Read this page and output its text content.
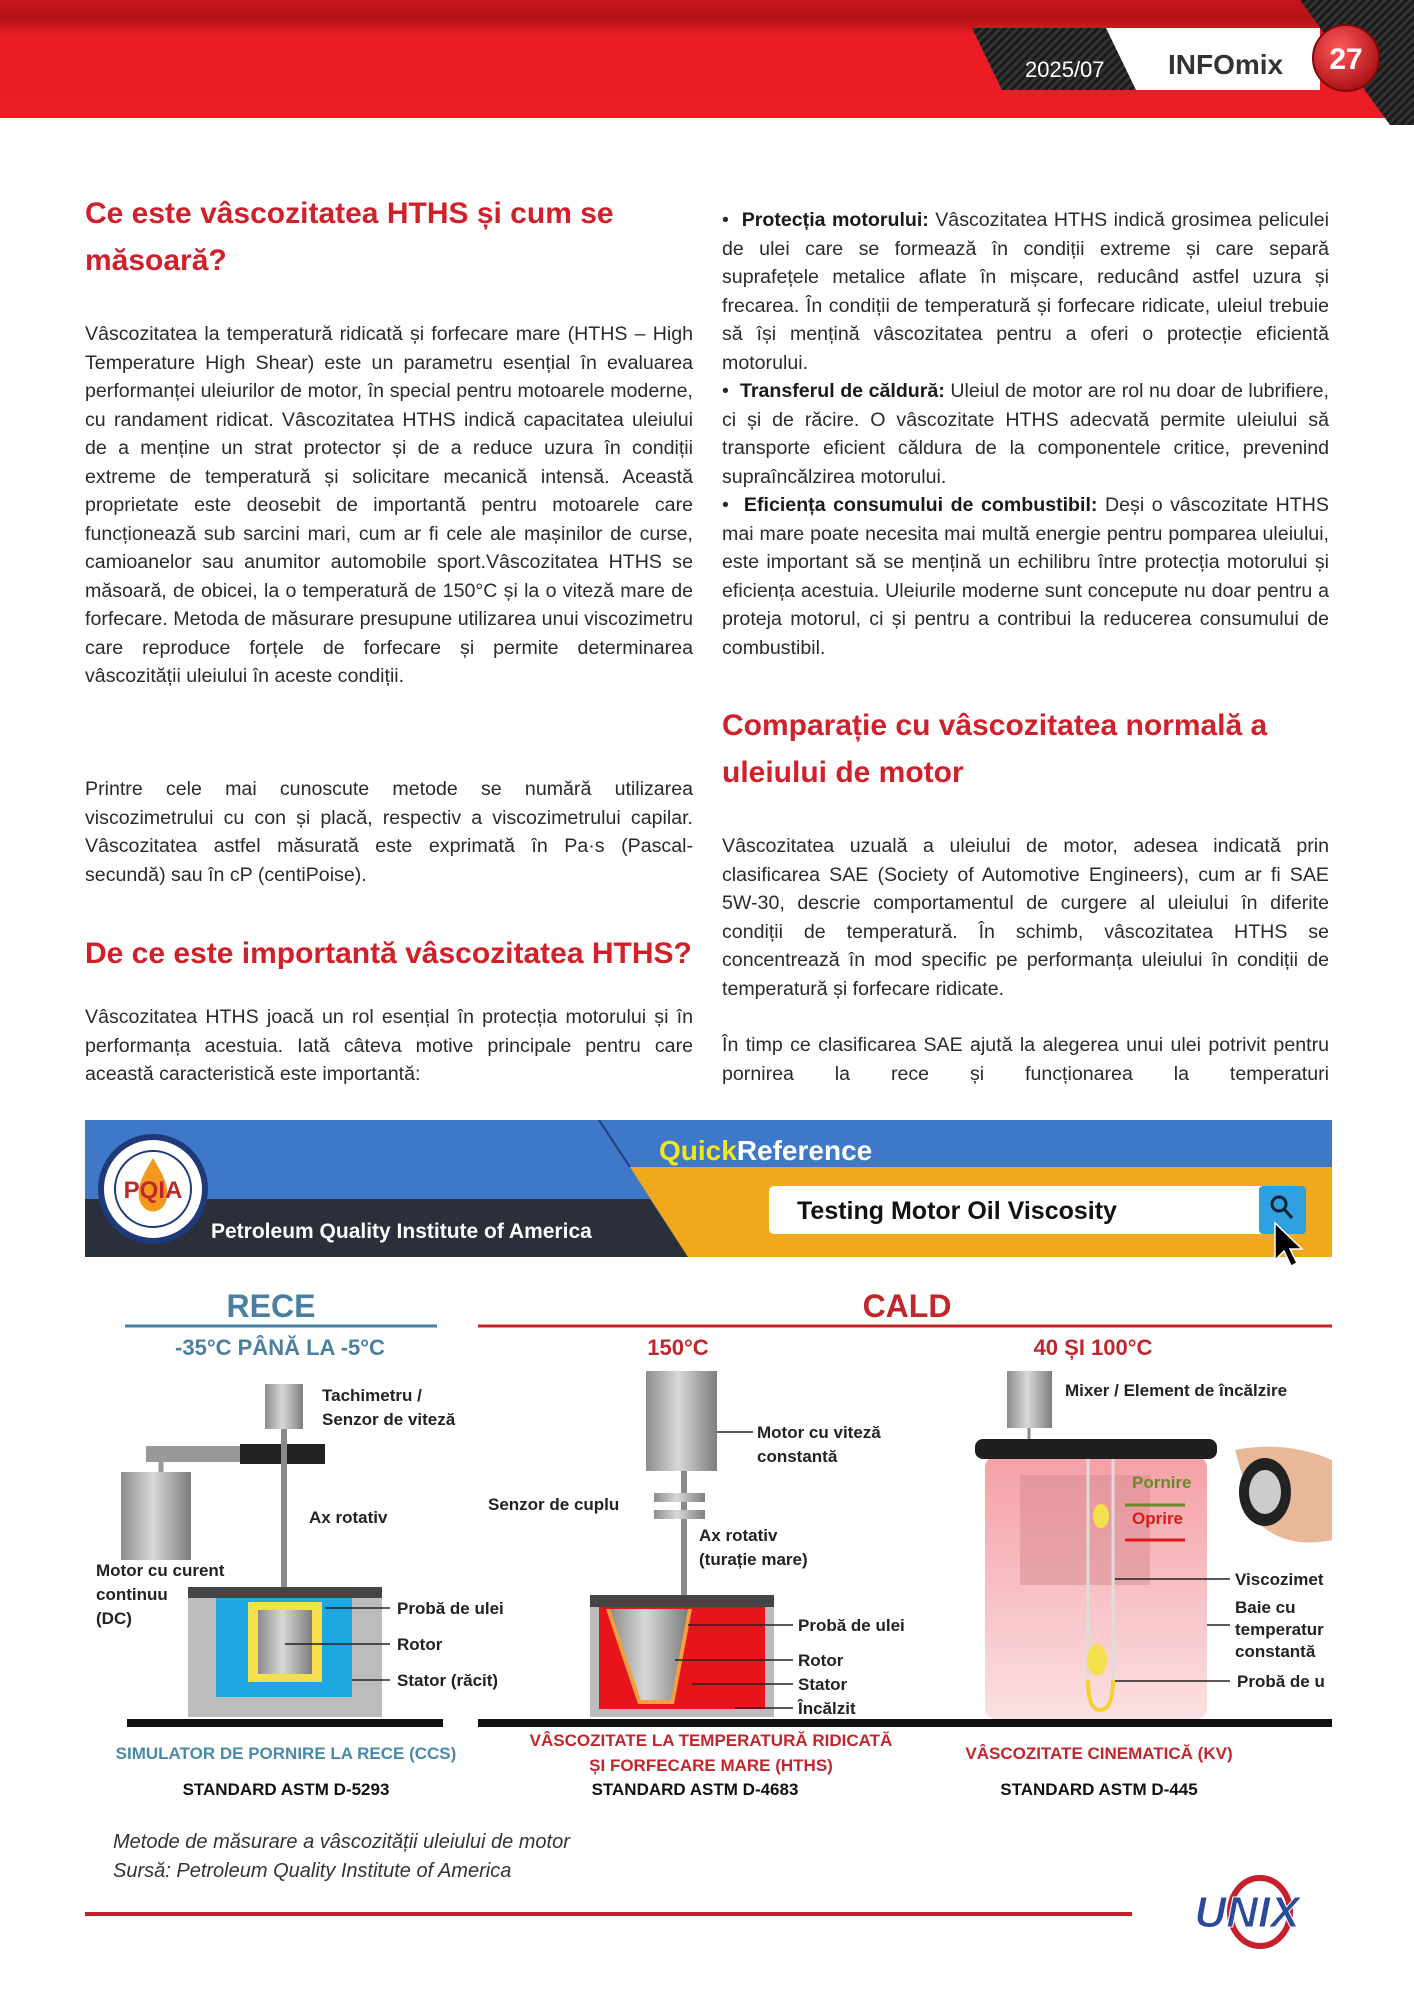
2025/07 INFOmix 27
Ce este vâscozitatea HTHS și cum se măsoară?

Vâscozitatea la temperatură ridicată și forfecare mare (HTHS – High Temperature High Shear) este un parametru esențial în evaluarea performanței uleiurilor de motor, în special pentru motoarele moderne, cu randament ridicat. Vâscozitatea HTHS indică capacitatea uleiului de a menține un strat protector și de a reduce uzura în condiții extreme de temperatură și solicitare mecanică intensă. Această proprietate este deosebit de importantă pentru motoarele care funcționează sub sarcini mari, cum ar fi cele ale mașinilor de curse, camioanelor sau anumitor automobile sport.Vâscozitatea HTHS se măsoară, de obicei, la o temperatură de 150°C și la o viteză mare de forfecare. Metoda de măsurare presupune utilizarea unui viscozimetru care reproduce forțele de forfecare și permite determinarea vâscozității uleiului în aceste condiții.

Printre cele mai cunoscute metode se numără utilizarea viscozimetrului cu con și placă, respectiv a viscozimetrului capilar. Vâscozitatea astfel măsurată este exprimată în Pa·s (Pascal-secundă) sau în cP (centiPoise).

De ce este importantă vâscozitatea HTHS?

Vâscozitatea HTHS joacă un rol esențial în protecția motorului și în performanța acestuia. Iată câteva motive principale pentru care această caracteristică este importantă:

•  Protecția motorului: Vâscozitatea HTHS indică grosimea peliculei de ulei care se formează în condiții extreme și care separă suprafețele metalice aflate în mișcare, reducând astfel uzura și frecarea. În condiții de temperatură și forfecare ridicate, uleiul trebuie să își mențină vâscozitatea pentru a oferi o protecție eficientă motorului.

•  Transferul de căldură: Uleiul de motor are rol nu doar de lubrifiere, ci și de răcire. O vâscozitate HTHS adecvată permite uleiului să transporte eficient căldura de la componentele critice, prevenind supraîncălzirea motorului.

•  Eficiența consumului de combustibil: Deși o vâscozitate HTHS mai mare poate necesita mai multă energie pentru pomparea uleiului, este important să se mențină un echilibru între protecția motorului și eficiența acestuia. Uleiurile moderne sunt concepute nu doar pentru a proteja motorul, ci și pentru a contribui la reducerea consumului de combustibil.

Comparație cu vâscozitatea normală a uleiului de motor

Vâscozitatea uzuală a uleiului de motor, adesea indicată prin clasificarea SAE (Society of Automotive Engineers), cum ar fi SAE 5W-30, descrie comportamentul de curgere al uleiului în diferite condiții de temperatură. În schimb, vâscozitatea HTHS se concentrează în mod specific pe performanța uleiului în condiții de temperatură și forfecare ridicate.

În timp ce clasificarea SAE ajută la alegerea unui ulei potrivit pentru pornirea la rece și funcționarea la temperaturi

PQIA
Petroleum Quality Institute of America
QuickReference
Testing Motor Oil Viscosity
RECE	CALD
-35°C PÂNĂ LA -5°C	150°C	40 ȘI 100°C
Tachimetru /
Senzor de viteză
Ax rotativ
Motor cu curent
continuu
(DC)
Probă de ulei
Rotor
Stator (răcit)
Motor cu viteză
constantă
Senzor de cuplu
Ax rotativ
(turație mare)
Probă de ulei
Rotor
Stator
Încălzit
Mixer / Element de încălzire
Pornire
Oprire
Viscozimet
Baie cu
temperatur
constantă
Probă de u
SIMULATOR DE PORNIRE LA RECE (CCS)
STANDARD ASTM D-5293
VÂSCOZITATE LA TEMPERATURĂ RIDICATĂ
ȘI FORFECARE MARE (HTHS)
STANDARD ASTM D-4683
VÂSCOZITATE CINEMATICĂ (KV)
STANDARD ASTM D-445
Metode de măsurare a vâscozității uleiului de motor
Sursă: Petroleum Quality Institute of America
UNIX
